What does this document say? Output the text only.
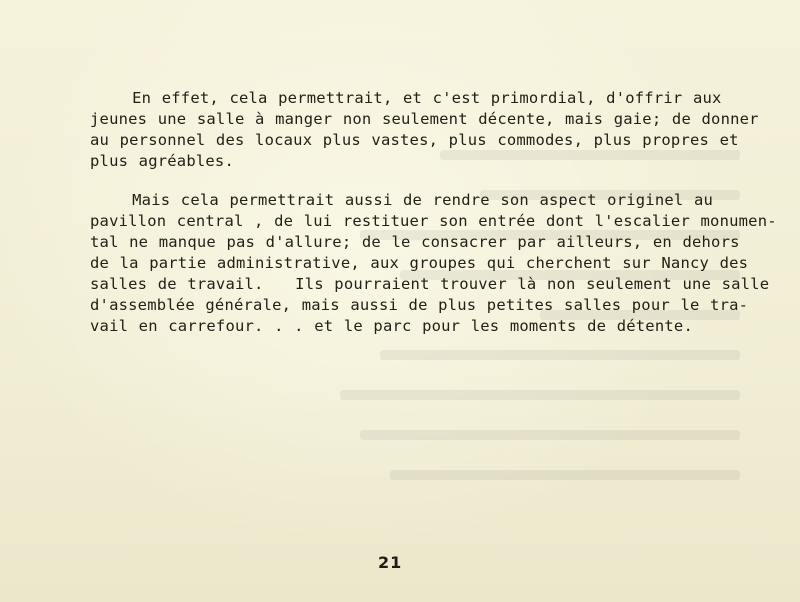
En effet, cela permettrait, et c'est primordial, d'offrir aux
jeunes une salle à manger non seulement décente, mais gaie; de donner
au personnel des locaux plus vastes, plus commodes, plus propres et
plus agréables.

Mais cela permettrait aussi de rendre son aspect originel au
pavillon central , de lui restituer son entrée dont l'escalier monumen-
tal ne manque pas d'allure; de le consacrer par ailleurs, en dehors
de la partie administrative, aux groupes qui cherchent sur Nancy des
salles de travail.   Ils pourraient trouver là non seulement une salle
d'assemblée générale, mais aussi de plus petites salles pour le tra-
vail en carrefour. . . et le parc pour les moments de détente.

21
